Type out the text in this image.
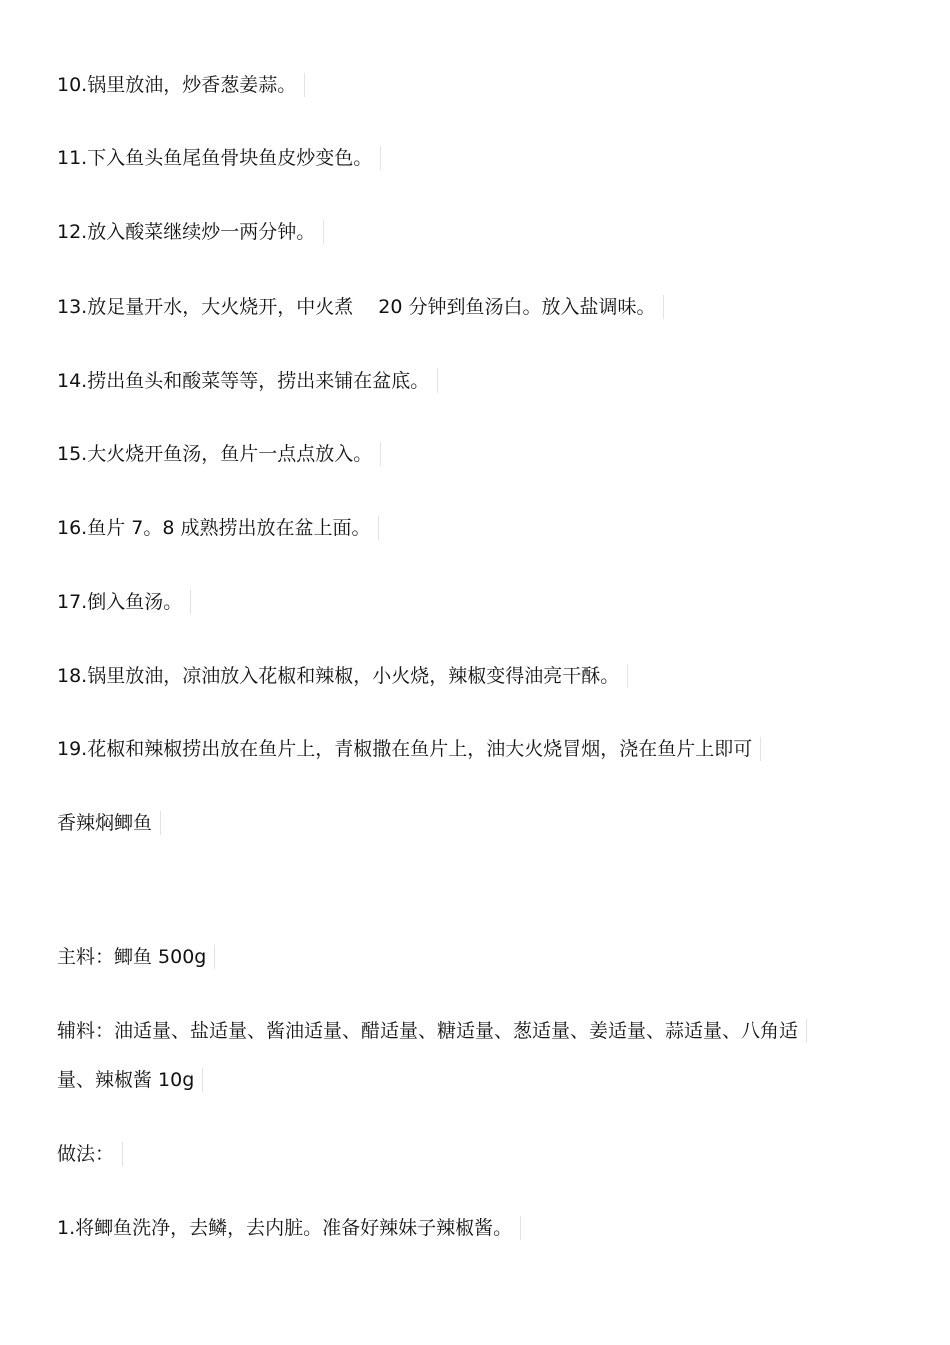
10.锅里放油，炒香葱姜蒜。
11.下入鱼头鱼尾鱼骨块鱼皮炒变色。
12.放入酸菜继续炒一两分钟。
13.放足量开水，大火烧开，中火煮　 20 分钟到鱼汤白。放入盐调味。
14.捞出鱼头和酸菜等等，捞出来铺在盆底。
15.大火烧开鱼汤，鱼片一点点放入。
16.鱼片 7。8 成熟捞出放在盆上面。
17.倒入鱼汤。
18.锅里放油，凉油放入花椒和辣椒，小火烧，辣椒变得油亮干酥。
19.花椒和辣椒捞出放在鱼片上，青椒撒在鱼片上，油大火烧冒烟，浇在鱼片上即可
香辣焖鲫鱼
主料：鲫鱼 500g
辅料：油适量、盐适量、酱油适量、醋适量、糖适量、葱适量、姜适量、蒜适量、八角适
量、辣椒酱 10g
做法：
1.将鲫鱼洗净，去鳞，去内脏。准备好辣妹子辣椒酱。
